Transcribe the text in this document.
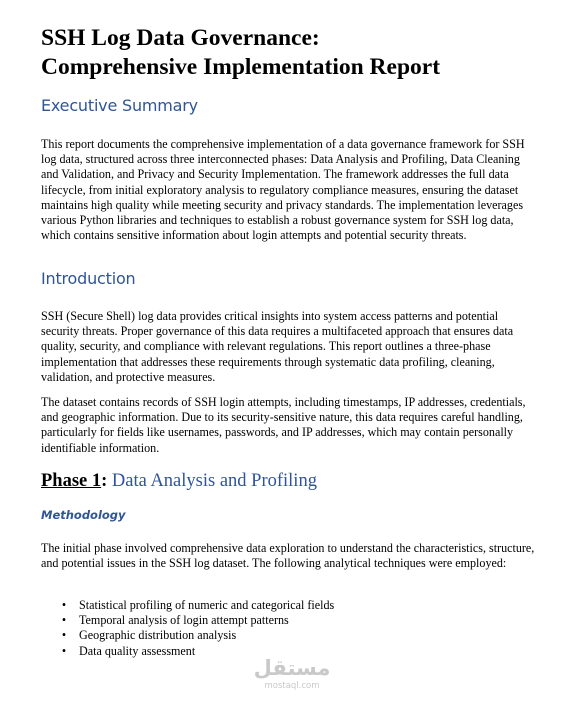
SSH Log Data Governance:
Comprehensive Implementation Report
Executive Summary

This report documents the comprehensive implementation of a data governance framework for SSH log data, structured across three interconnected phases: Data Analysis and Profiling, Data Cleaning and Validation, and Privacy and Security Implementation. The framework addresses the full data lifecycle, from initial exploratory analysis to regulatory compliance measures, ensuring the dataset maintains high quality while meeting security and privacy standards. The implementation leverages various Python libraries and techniques to establish a robust governance system for SSH log data, which contains sensitive information about login attempts and potential security threats.

Introduction

SSH (Secure Shell) log data provides critical insights into system access patterns and potential security threats. Proper governance of this data requires a multifaceted approach that ensures data quality, security, and compliance with relevant regulations. This report outlines a three-phase implementation that addresses these requirements through systematic data profiling, cleaning, validation, and protective measures.

The dataset contains records of SSH login attempts, including timestamps, IP addresses, credentials, and geographic information. Due to its security-sensitive nature, this data requires careful handling, particularly for fields like usernames, passwords, and IP addresses, which may contain personally identifiable information.

Phase 1: Data Analysis and Profiling
Methodology

The initial phase involved comprehensive data exploration to understand the characteristics, structure, and potential issues in the SSH log dataset. The following analytical techniques were employed:

• Statistical profiling of numeric and categorical fields
• Temporal analysis of login attempt patterns
• Geographic distribution analysis
• Data quality assessment
مستقل
mostaql.com
